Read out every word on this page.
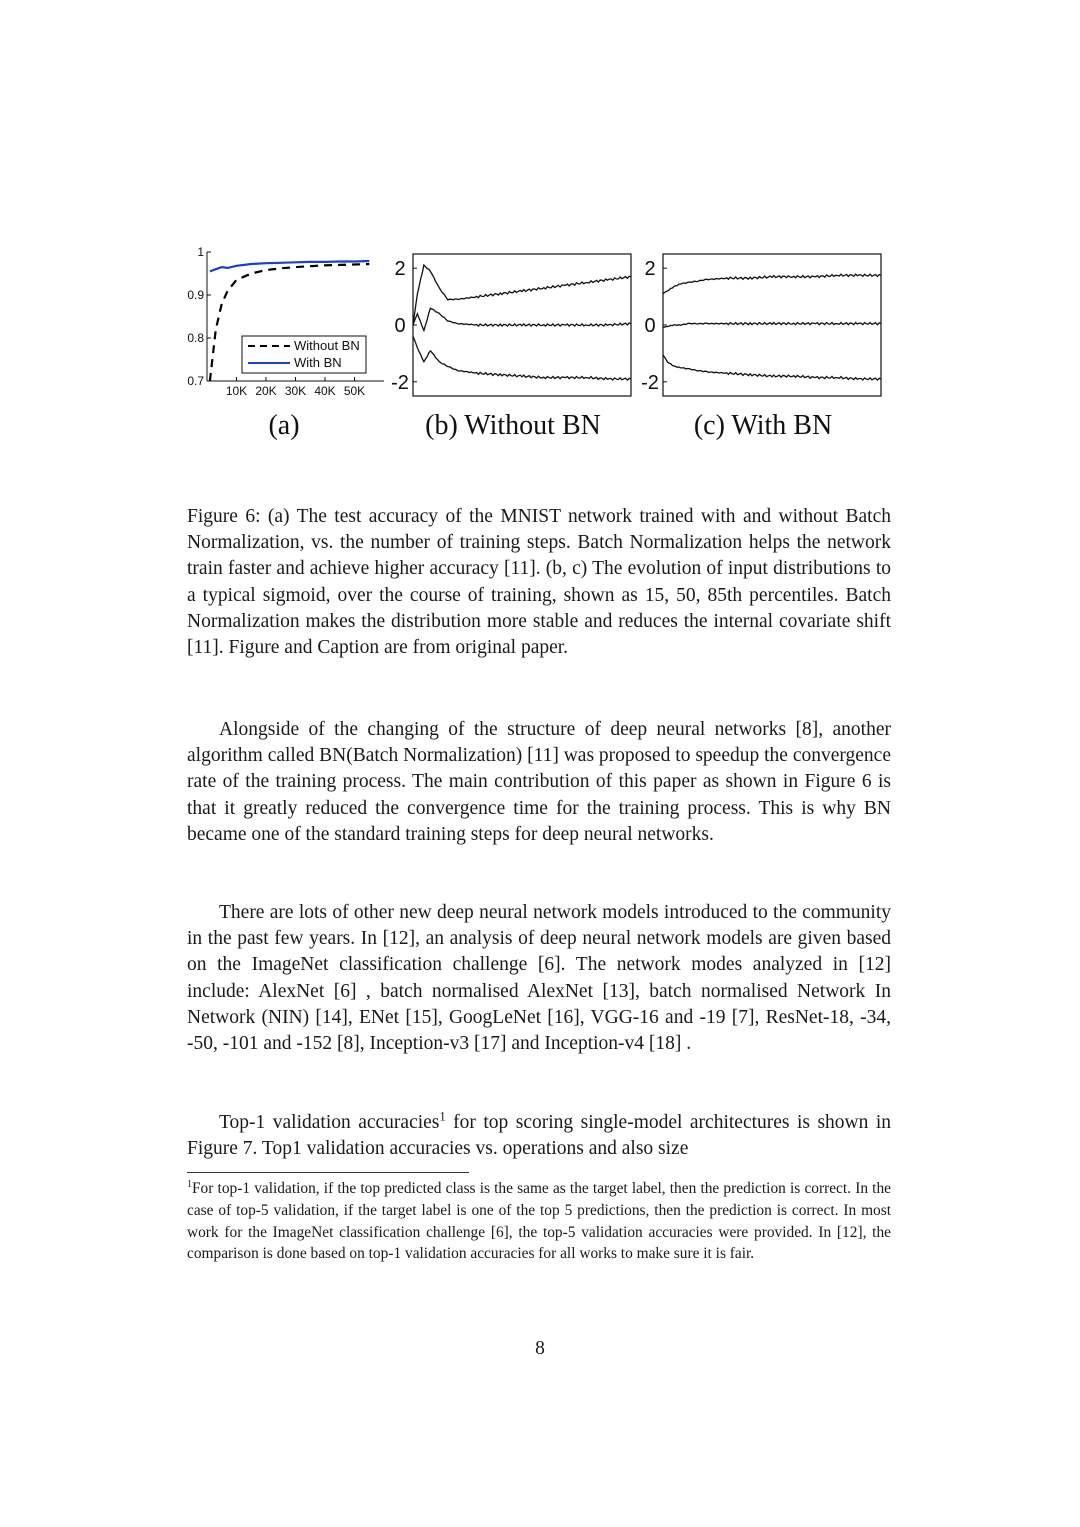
0.7
0.8
0.9
1
10K 20K 30K 40K 50K
Without BN
With BN
(a)
2
0
-2
(b) Without BN
2
0
-2
(c) With BN

Figure 6: (a) The test accuracy of the MNIST network trained with and without Batch Normalization, vs. the number of training steps. Batch Normalization helps the network train faster and achieve higher accuracy [11]. (b, c) The evolution of input distributions to a typical sigmoid, over the course of training, shown as 15, 50, 85th percentiles. Batch Normalization makes the distribution more stable and reduces the internal covariate shift [11]. Figure and Caption are from original paper.

Alongside of the changing of the structure of deep neural networks [8], another algorithm called BN(Batch Normalization) [11] was proposed to speedup the convergence rate of the training process. The main contribution of this paper as shown in Figure 6 is that it greatly reduced the convergence time for the training process. This is why BN became one of the standard training steps for deep neural networks.

There are lots of other new deep neural network models introduced to the community in the past few years. In [12], an analysis of deep neural network models are given based on the ImageNet classification challenge [6]. The network modes analyzed in [12] include: AlexNet [6] , batch normalised AlexNet [13], batch normalised Network In Network (NIN) [14], ENet [15], GoogLeNet [16], VGG-16 and -19 [7], ResNet-18, -34, -50, -101 and -152 [8], Inception-v3 [17] and Inception-v4 [18] .

Top-1 validation accuracies$^1$ for top scoring single-model architectures is shown in Figure 7. Top1 validation accuracies vs. operations and also size

$^1$For top-1 validation, if the top predicted class is the same as the target label, then the prediction is correct. In the case of top-5 validation, if the target label is one of the top 5 predictions, then the prediction is correct. In most work for the ImageNet classification challenge [6], the top-5 validation accuracies were provided. In [12], the comparison is done based on top-1 validation accuracies for all works to make sure it is fair.

8
